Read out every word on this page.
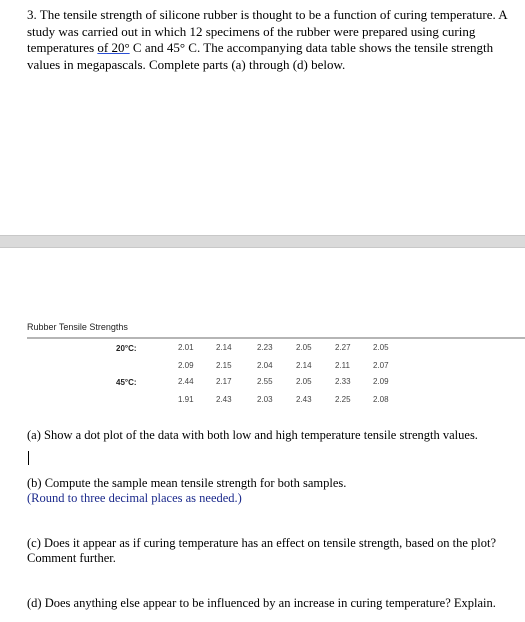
3. The tensile strength of silicone rubber is thought to be a function of curing temperature. A study was carried out in which 12 specimens of the rubber were prepared using curing temperatures of 20° C and 45° C. The accompanying data table shows the tensile strength values in megapascals. Complete parts (a) through (d) below.
Rubber Tensile Strengths
20°C:	2.01	2.14	2.23	2.05	2.27	2.05
2.09	2.15	2.04	2.14	2.11	2.07
45°C:	2.44	2.17	2.55	2.05	2.33	2.09
1.91	2.43	2.03	2.43	2.25	2.08
(a) Show a dot plot of the data with both low and high temperature tensile strength values.
(b) Compute the sample mean tensile strength for both samples.
(Round to three decimal places as needed.)
(c) Does it appear as if curing temperature has an effect on tensile strength, based on the plot? Comment further.
(d) Does anything else appear to be influenced by an increase in curing temperature? Explain.
